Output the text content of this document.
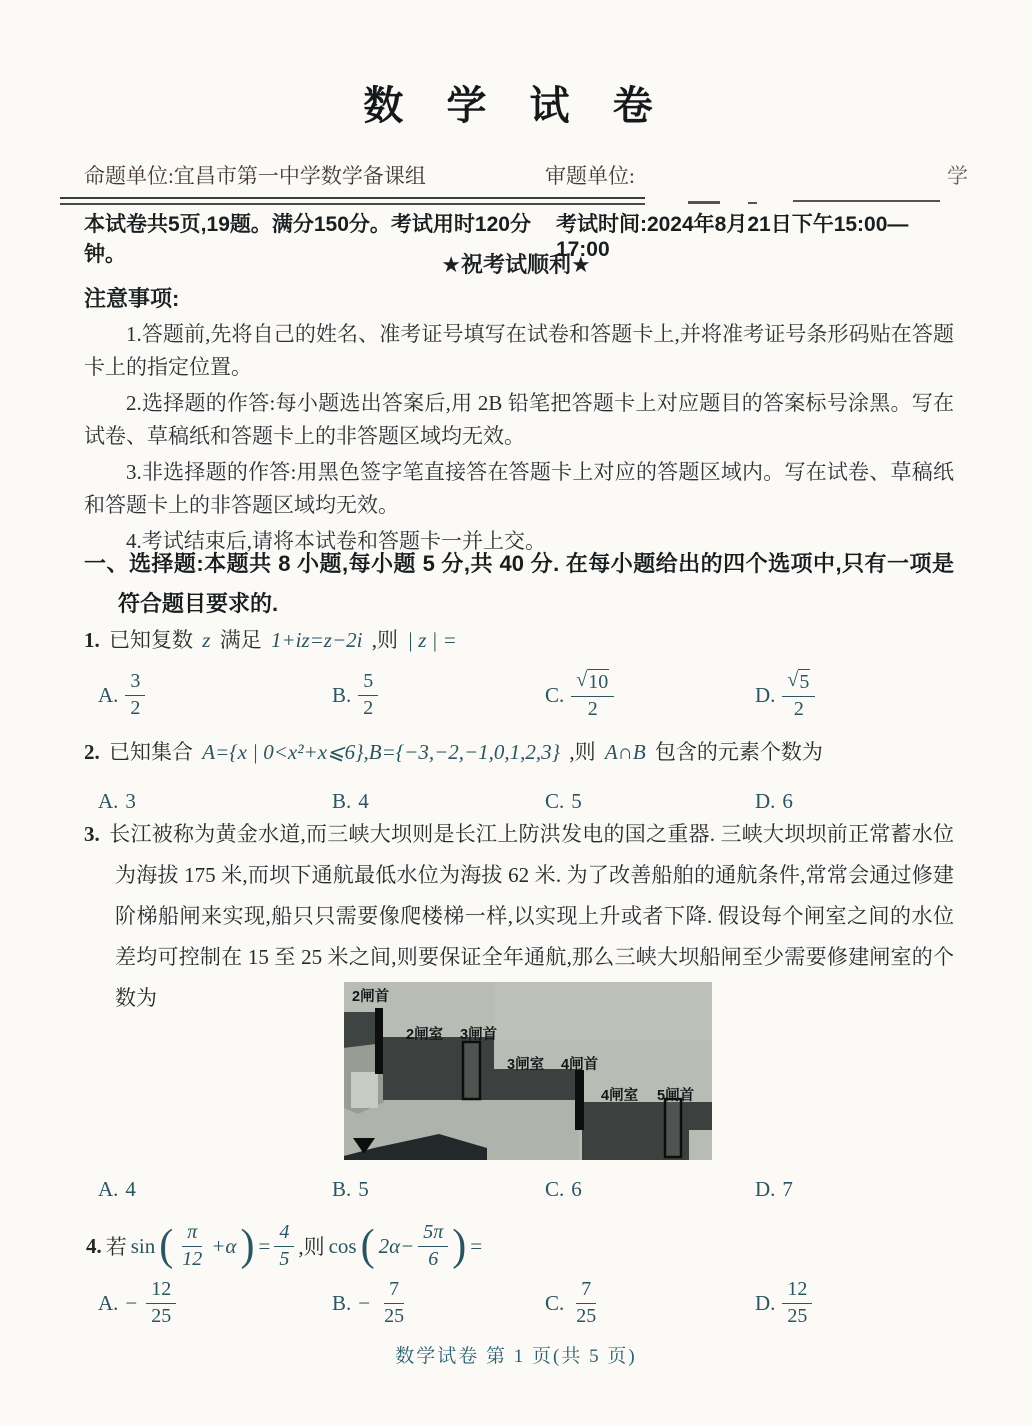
数 学 试 卷
命题单位:宜昌市第一中学数学备课组	审题单位:	学
本试卷共5页,19题。满分150分。考试用时120分钟。
考试时间:2024年8月21日下午15:00—17:00
★祝考试顺利★
注意事项:

1.答题前,先将自己的姓名、准考证号填写在试卷和答题卡上,并将准考证号条形码贴在答题卡上的指定位置。

2.选择题的作答:每小题选出答案后,用 2B 铅笔把答题卡上对应题目的答案标号涂黑。写在试卷、草稿纸和答题卡上的非答题区域均无效。

3.非选择题的作答:用黑色签字笔直接答在答题卡上对应的答题区域内。写在试卷、草稿纸和答题卡上的非答题区域均无效。

4.考试结束后,请将本试卷和答题卡一并上交。

一、选择题:本题共 8 小题,每小题 5 分,共 40 分. 在每小题给出的四个选项中,只有一项是符合题目要求的.
1. 已知复数 z 满足 1+iz=z−2i ,则 | z | =
A. $\frac{3}{2}$	B. $\frac{5}{2}$	C. $\frac{√ 10}{2}$	D. $\frac{√ 5}{2}$
2. 已知集合 A={x | 0<x²+x⩽6},B={−3,−2,−1,0,1,2,3} ,则 A∩B 包含的元素个数为
A. 3	B. 4	C. 5	D. 6
3. 长江被称为黄金水道,而三峡大坝则是长江上防洪发电的国之重器. 三峡大坝坝前正常蓄水位为海拔 175 米,而坝下通航最低水位为海拔 62 米. 为了改善船舶的通航条件,常常会通过修建阶梯船闸来实现,船只只需要像爬楼梯一样,以实现上升或者下降. 假设每个闸室之间的水位差均可控制在 15 至 25 米之间,则要保证全年通航,那么三峡大坝船闸至少需要修建闸室的个数为	2闸首
2闸室 3闸首
3闸室 4闸首
4闸室 5闸首
A. 4	B. 5	C. 6	D. 7
4. 若 sin ( $\frac{\pi}{12} +\alpha$ ) = $\frac{4}{5}$ ,则 cos ( $2\alpha- \frac{5\pi}{6}$ ) =
A. − $\frac{12}{25}$	B. − $\frac{7}{25}$	C. $\frac{7}{25}$	D. $\frac{12}{25}$
数学试卷 第 1 页(共 5 页)
